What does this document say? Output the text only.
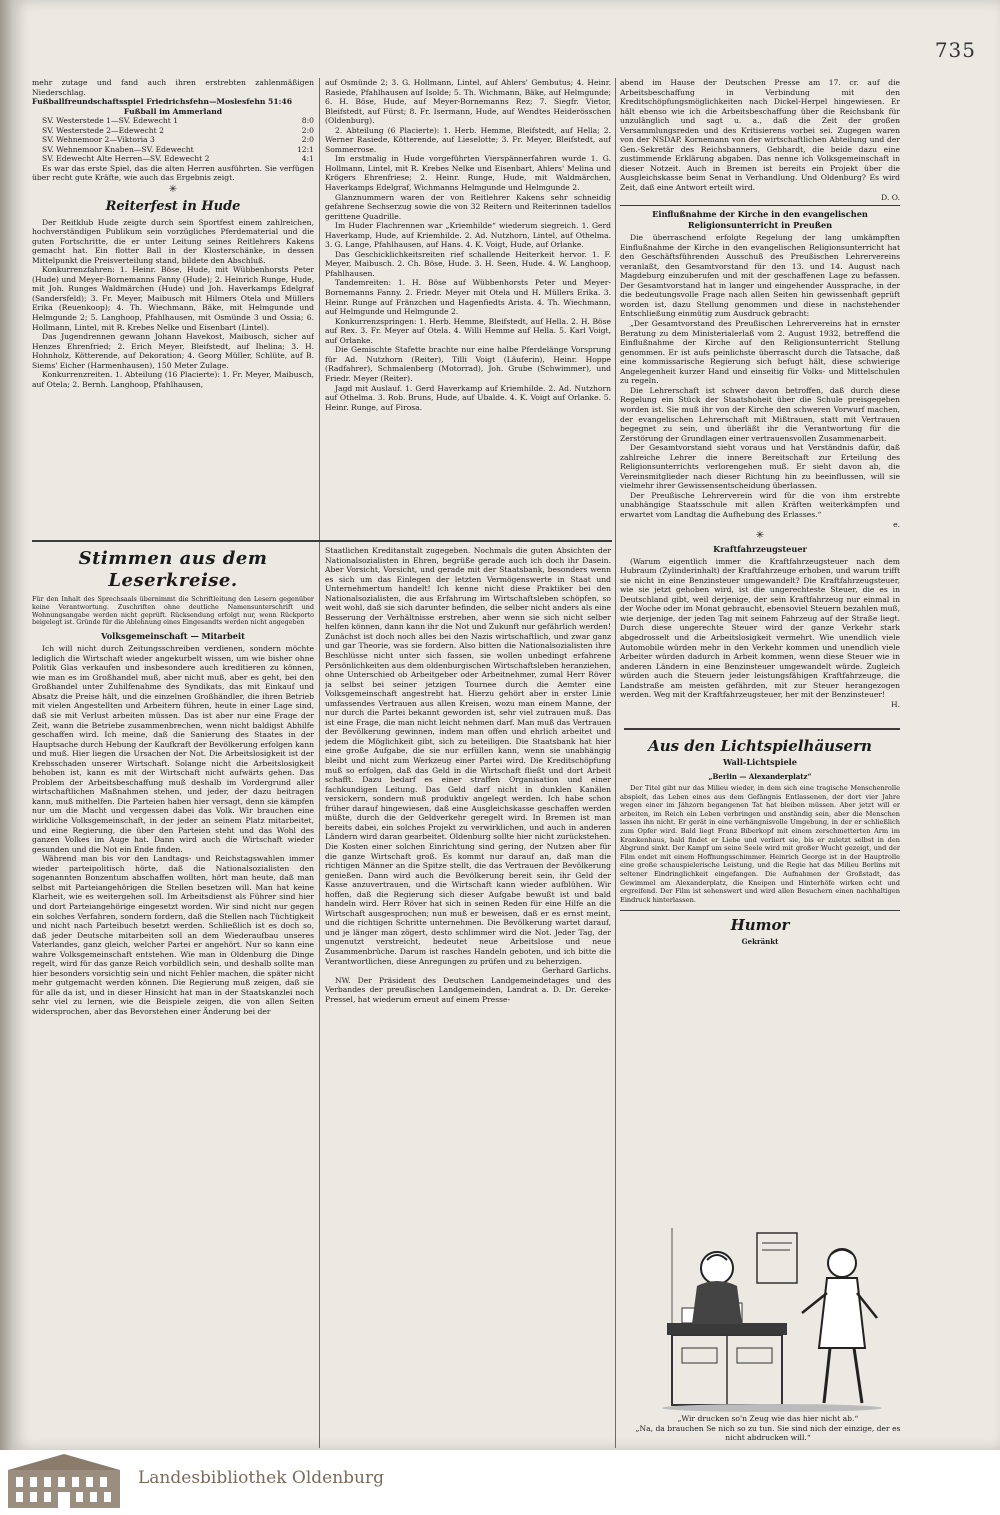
735

mehr zutage und fand auch ihren erstrebten zahlenmäßigen Niederschlag.

Fußballfreundschaftsspiel Friedrichsfehn—Moslesfehn 51:46

Fußball im Ammerland

SV. Westerstede 1—SV. Edewecht 1	8:0
SV. Westerstede 2—Edewecht 2	2:0
SV. Wehnemoor 2—Viktoria 3	2:0
SV. Wehnemoor Knaben—SV. Edewecht	12:1
SV. Edewecht Alte Herren—SV. Edewecht 2	4:1

Es war das erste Spiel, das die alten Herren ausführten. Sie verfügen über recht gute Kräfte, wie auch das Ergebnis zeigt.

✳
Reiterfest in Hude

Der Reitklub Hude zeigte durch sein Sportfest einem zahlreichen, hochverständigen Publikum sein vorzügliches Pferdematerial und die guten Fortschritte, die er unter Leitung seines Reitlehrers Kakens gemacht hat. Ein flotter Ball in der Klosterschänke, in dessen Mittelpunkt die Preisverteilung stand, bildete den Abschluß.

Konkurrenzfahren: 1. Heinr. Böse, Hude, mit Wübbenhorsts Peter (Hude) und Meyer-Bornemanns Fanny (Hude); 2. Heinrich Runge, Hude, mit Joh. Runges Waldmärchen (Hude) und Joh. Haverkamps Edelgraf (Sandersfeld); 3. Fr. Meyer, Maibusch mit Hilmers Otela und Müllers Erika (Reuenkoop); 4. Th. Wiechmann, Bäke, mit Helmgunde und Helmgunde 2; 5. Langhoop, Pfahlhausen, mit Osmünde 3 und Ossia; 6. Hollmann, Lintel, mit R. Krebes Nelke und Eisenbart (Lintel).

Das Jugendrennen gewann Johann Havekost, Maibusch, sicher auf Henzes Ehrenfried; 2. Erich Meyer, Bleifstedt, auf Ihelina; 3. H. Hohnholz, Kötterende, auf Dekoration; 4. Georg Müller, Schlüte, auf B. Siems' Eicher (Harmenhausen), 150 Meter Zulage.

Konkurrenzreiten. 1. Abteilung (16 Placierte): 1. Fr. Meyer, Maibusch, auf Otela; 2. Bernh. Langhoop, Pfahlhausen,

auf Osmünde 2; 3. G. Hollmann, Lintel, auf Ahlers' Gembutus; 4. Heinr. Rasiede, Pfahlhausen auf Isolde; 5. Th. Wichmann, Bäke, auf Helmgunde; 6. H. Böse, Hude, auf Meyer-Bornemanns Rez; 7. Siegfr. Vietor, Bleifstedt, auf Fürst; 8. Fr. Isermann, Hude, auf Wendtes Heiderösschen (Oldenburg).

2. Abteilung (6 Placierte): 1. Herb. Hemme, Bleifstedt, auf Hella; 2. Werner Rasiede, Kötterende, auf Lieselotte; 3. Fr. Meyer, Bleifstedt, auf Sommerrose.

Im erstmalig in Hude vorgeführten Vierspännerfahren wurde 1. G. Hollmann, Lintel, mit R. Krebes Nelke und Eisenbart, Ahlers' Melina und Krögers Ehrenfriese; 2. Heinr. Runge, Hude, mit Waldmärchen, Haverkamps Edelgraf, Wichmanns Helmgunde und Helmgunde 2.

Glanznummern waren der von Reitlehrer Kakens sehr schneidig gefahrene Sechserzug sowie die von 32 Reitern und Reiterinnen tadellos gerittene Quadrille.

Im Huder Flachrennen war „Kriemhilde“ wiederum siegreich. 1. Gerd Haverkamp, Hude, auf Kriemhilde. 2. Ad. Nutzhorn, Lintel, auf Othelma. 3. G. Lange, Pfahlhausen, auf Hans. 4. K. Voigt, Hude, auf Orlanke.

Das Geschicklichkeitsreiten rief schallende Heiterkeit hervor. 1. F. Meyer, Maibusch. 2. Ch. Böse, Hude. 3. H. Seen, Hude. 4. W. Langhoop, Pfahlhausen.

Tandemreiten: 1. H. Böse auf Wübbenhorsts Peter und Meyer-Bornemanns Fanny. 2. Friedr. Meyer mit Otela und H. Müllers Erika. 3. Heinr. Runge auf Fränzchen und Hagenfiedts Arista. 4. Th. Wiechmann, auf Helmgunde und Helmgunde 2.

Konkurrenzspringen: 1. Herb. Hemme, Bleifstedt, auf Hella. 2. H. Böse auf Rex. 3. Fr. Meyer auf Otela. 4. Willi Hemme auf Hella. 5. Karl Voigt, auf Orlanke.

Die Gemischte Stafette brachte nur eine halbe Pferdelänge Vorsprung für Ad. Nutzhorn (Reiter), Tilli Voigt (Läuferin), Heinr. Hoppe (Radfahrer), Schmalenberg (Motorrad), Joh. Grube (Schwimmer), und Friedr. Meyer (Reiter).

Jagd mit Auslauf. 1. Gerd Haverkamp auf Kriemhilde. 2. Ad. Nutzhorn auf Othelma. 3. Rob. Bruns, Hude, auf Ubalde. 4. K. Voigt auf Orlanke. 5. Heinr. Runge, auf Firosa.

Stimmen aus dem Leserkreise.

Für den Inhalt des Sprechsaals übernimmt die Schriftleitung den Lesern gegenüber keine Verantwortung. Zuschriften ohne deutliche Namensunterschrift und Wohnungsangabe werden nicht geprüft. Rücksendung erfolgt nur, wenn Rückporto beigelegt ist. Gründe für die Ablehnung eines Eingesandts werden nicht angegeben

Volksgemeinschaft — Mitarbeit

Ich will nicht durch Zeitungsschreiben verdienen, sondern möchte lediglich die Wirtschaft wieder angekurbelt wissen, um wie bisher ohne Politik Glas verkaufen und insbesondere auch kreditieren zu können, wie man es im Großhandel muß, aber nicht muß, aber es geht, bei den Großhandel unter Zuhilfenahme des Syndikats, das mit Einkauf und Absatz die Preise hält, und die einzelnen Großhändler, die ihren Betrieb mit vielen Angestellten und Arbeitern führen, heute in einer Lage sind, daß sie mit Verlust arbeiten müssen. Das ist aber nur eine Frage der Zeit, wann die Betriebe zusammenbrechen, wenn nicht baldigst Abhilfe geschaffen wird. Ich meine, daß die Sanierung des Staates in der Hauptsache durch Hebung der Kaufkraft der Bevölkerung erfolgen kann und muß. Hier liegen die Ursachen der Not. Die Arbeitslosigkeit ist der Krebsschaden unserer Wirtschaft. Solange nicht die Arbeitslosigkeit behoben ist, kann es mit der Wirtschaft nicht aufwärts gehen. Das Problem der Arbeitsbeschaffung muß deshalb im Vordergrund aller wirtschaftlichen Maßnahmen stehen, und jeder, der dazu beitragen kann, muß mithelfen. Die Parteien haben hier versagt, denn sie kämpfen nur um die Macht und vergessen dabei das Volk. Wir brauchen eine wirkliche Volksgemeinschaft, in der jeder an seinem Platz mitarbeitet, und eine Regierung, die über den Parteien steht und das Wohl des ganzen Volkes im Auge hat. Dann wird auch die Wirtschaft wieder gesunden und die Not ein Ende finden.

Während man bis vor den Landtags- und Reichstagswahlen immer wieder parteipolitisch hörte, daß die Nationalsozialisten den sogenannten Bonzentum abschaffen wollten, hört man heute, daß man selbst mit Parteiangehörigen die Stellen besetzen will. Man hat keine Klarheit, wie es weitergehen soll. Im Arbeitsdienst als Führer sind hier und dort Parteiangehörige eingesetzt worden. Wir sind nicht nur gegen ein solches Verfahren, sondern fordern, daß die Stellen nach Tüchtigkeit und nicht nach Parteibuch besetzt werden. Schließlich ist es doch so, daß jeder Deutsche mitarbeiten soll an dem Wiederaufbau unseres Vaterlandes, ganz gleich, welcher Partei er angehört. Nur so kann eine wahre Volksgemeinschaft entstehen. Wie man in Oldenburg die Dinge regelt, wird für das ganze Reich vorbildlich sein, und deshalb sollte man hier besonders vorsichtig sein und nicht Fehler machen, die später nicht mehr gutgemacht werden können. Die Regierung muß zeigen, daß sie für alle da ist, und in dieser Hinsicht hat man in der Staatskanzlei noch sehr viel zu lernen, wie die Beispiele zeigen, die von allen Seiten widersprochen, aber das Bevorstehen einer Änderung bei der

Staatlichen Kreditanstalt zugegeben. Nochmals die guten Absichten der Nationalsozialisten in Ehren, begrüße gerade auch ich doch ihr Dasein. Aber Vorsicht, Vorsicht, und gerade mit der Staatsbank, besonders wenn es sich um das Einlegen der letzten Vermögenswerte in Staat und Unternehmertum handelt! Ich kenne nicht diese Praktiker bei den Nationalsozialisten, die aus Erfahrung im Wirtschaftsleben schöpfen, so weit wohl, daß sie sich darunter befinden, die selber nicht anders als eine Besserung der Verhältnisse erstreben, aber wenn sie sich nicht selber helfen können, dann kann ihr die Not und Zukunft nur gefährlich werden! Zunächst ist doch noch alles bei den Nazis wirtschaftlich, und zwar ganz und gar Theorie, was sie fordern. Also bitten die Nationalsozialisten ihre Beschlüsse nicht unter sich fassen, sie wollen unbedingt erfahrene Persönlichkeiten aus dem oldenburgischen Wirtschaftsleben heranziehen, ohne Unterschied ob Arbeitgeber oder Arbeitnehmer, zumal Herr Röver ja selbst bei seiner jetzigen Tournee durch die Aemter eine Volksgemeinschaft angestrebt hat. Hierzu gehört aber in erster Linie umfassendes Vertrauen aus allen Kreisen, wozu man einem Manne, der nur durch die Partei bekannt geworden ist, sehr viel zutrauen muß. Das ist eine Frage, die man nicht leicht nehmen darf. Man muß das Vertrauen der Bevölkerung gewinnen, indem man offen und ehrlich arbeitet und jedem die Möglichkeit gibt, sich zu beteiligen. Die Staatsbank hat hier eine große Aufgabe, die sie nur erfüllen kann, wenn sie unabhängig bleibt und nicht zum Werkzeug einer Partei wird. Die Kreditschöpfung muß so erfolgen, daß das Geld in die Wirtschaft fließt und dort Arbeit schafft. Dazu bedarf es einer straffen Organisation und einer fachkundigen Leitung. Das Geld darf nicht in dunklen Kanälen versickern, sondern muß produktiv angelegt werden. Ich habe schon früher darauf hingewiesen, daß eine Ausgleichskasse geschaffen werden müßte, durch die der Geldverkehr geregelt wird. In Bremen ist man bereits dabei, ein solches Projekt zu verwirklichen, und auch in anderen Ländern wird daran gearbeitet. Oldenburg sollte hier nicht zurückstehen. Die Kosten einer solchen Einrichtung sind gering, der Nutzen aber für die ganze Wirtschaft groß. Es kommt nur darauf an, daß man die richtigen Männer an die Spitze stellt, die das Vertrauen der Bevölkerung genießen. Dann wird auch die Bevölkerung bereit sein, ihr Geld der Kasse anzuvertrauen, und die Wirtschaft kann wieder aufblühen. Wir hoffen, daß die Regierung sich dieser Aufgabe bewußt ist und bald handeln wird. Herr Röver hat sich in seinen Reden für eine Hilfe an die Wirtschaft ausgesprochen; nun muß er beweisen, daß er es ernst meint, und die richtigen Schritte unternehmen. Die Bevölkerung wartet darauf, und je länger man zögert, desto schlimmer wird die Not. Jeder Tag, der ungenutzt verstreicht, bedeutet neue Arbeitslose und neue Zusammenbrüche. Darum ist rasches Handeln geboten, und ich bitte die Verantwortlichen, diese Anregungen zu prüfen und zu beherzigen.

Gerhard Garlichs.

NW. Der Präsident des Deutschen Landgemeindetages und des Verbandes der preußischen Landgemeinden, Landrat a. D. Dr. Gereke-Pressel, hat wiederum erneut auf einem Presse-

abend im Hause der Deutschen Presse am 17. cr. auf die Arbeitsbeschaffung in Verbindung mit den Kreditschöpfungsmöglichkeiten nach Dickel-Herpel hingewiesen. Er hält ebenso wie ich die Arbeitsbeschaffung über die Reichsbank für unzulänglich und sagt u. a., daß die Zeit der großen Versammlungsreden und des Kritisierens vorbei sei. Zugegen waren von der NSDAP. Kornemann von der wirtschaftlichen Abteilung und der Gen.-Sekretär des Reichsbanners, Gebhardt, die beide dazu eine zustimmende Erklärung abgaben. Das nenne ich Volksgemeinschaft in dieser Notzeit. Auch in Bremen ist bereits ein Projekt über die Ausgleichskasse beim Senat in Verhandlung. Und Oldenburg? Es wird Zeit, daß eine Antwort erteilt wird.

D. O.

Einflußnahme der Kirche in den evangelischen Religionsunterricht in Preußen

Die überraschend erfolgte Regelung der lang umkämpften Einflußnahme der Kirche in den evangelischen Religionsunterricht hat den Geschäftsführenden Ausschuß des Preußischen Lehrervereins veranlaßt, den Gesamtvorstand für den 13. und 14. August nach Magdeburg einzuberufen und mit der geschaffenen Lage zu befassen. Der Gesamtvorstand hat in langer und eingehender Aussprache, in der die bedeutungsvolle Frage nach allen Seiten hin gewissenhaft geprüft worden ist, dazu Stellung genommen und diese in nachstehender Entschließung einmütig zum Ausdruck gebracht:

„Der Gesamtvorstand des Preußischen Lehrervereins hat in ernster Beratung zu dem Ministerialerlaß vom 2. August 1932, betreffend die Einflußnahme der Kirche auf den Religionsunterricht Stellung genommen. Er ist aufs peinlichste überrascht durch die Tatsache, daß eine kommissarische Regierung sich befugt hält, diese schwierige Angelegenheit kurzer Hand und einseitig für Volks- und Mittelschulen zu regeln.

Die Lehrerschaft ist schwer davon betroffen, daß durch diese Regelung ein Stück der Staatshoheit über die Schule preisgegeben worden ist. Sie muß ihr von der Kirche den schweren Vorwurf machen, der evangelischen Lehrerschaft mit Mißtrauen, statt mit Vertrauen begegnet zu sein, und überläßt ihr die Verantwortung für die Zerstörung der Grundlagen einer vertrauensvollen Zusammenarbeit.

Der Gesamtvorstand sieht voraus und hat Verständnis dafür, daß zahlreiche Lehrer die innere Bereitschaft zur Erteilung des Religionsunterrichts verlorengehen muß. Er sieht davon ab, die Vereinsmitglieder nach dieser Richtung hin zu beeinflussen, will sie vielmehr ihrer Gewissensentscheidung überlassen.

Der Preußische Lehrerverein wird für die von ihm erstrebte unabhängige Staatsschule mit allen Kräften weiterkämpfen und erwartet vom Landtag die Aufhebung des Erlasses.“

e.

✳
Kraftfahrzeugsteuer

(Warum eigentlich immer die Kraftfahrzeugsteuer nach dem Hubraum (Zylinderinhalt) der Kraftfahrzeuge erhoben, und warum trifft sie nicht in eine Benzinsteuer umgewandelt? Die Kraftfahrzeugsteuer, wie sie jetzt gehoben wird, ist die ungerechteste Steuer, die es in Deutschland gibt, weil derjenige, der sein Kraftfahrzeug nur einmal in der Woche oder im Monat gebraucht, ebensoviel Steuern bezahlen muß, wie derjenige, der jeden Tag mit seinem Fahrzeug auf der Straße liegt. Durch diese ungerechte Steuer wird der ganze Verkehr stark abgedrosselt und die Arbeitslosigkeit vermehrt. Wie unendlich viele Automobile würden mehr in den Verkehr kommen und unendlich viele Arbeiter würden dadurch in Arbeit kommen, wenn diese Steuer wie in anderen Ländern in eine Benzinsteuer umgewandelt würde. Zugleich würden auch die Steuern jeder leistungsfähigen Kraftfahrzeuge, die Landstraße am meisten gefährden, mit zur Steuer herangezogen werden. Weg mit der Kraftfahrzeugsteuer, her mit der Benzinsteuer!

H.

Aus den Lichtspielhäusern
Wall-Lichtspiele
„Berlin — Alexanderplatz“

Der Titel gibt nur das Milieu wieder, in dem sich eine tragische Menschenrolle abspielt, das Leben eines aus dem Gefängnis Entlassenen, der dort vier Jahre wegen einer im Jähzorn begangenen Tat hat bleiben müssen. Aber jetzt will er arbeiten, im Reich ein Leben verbringen und anständig sein, aber die Menschen lassen ihn nicht. Er gerät in eine verhängnisvolle Umgebung, in der er schließlich zum Opfer wird. Bald liegt Franz Biberkopf mit einem zerschmetterten Arm im Krankenhaus, bald findet er Liebe und verliert sie, bis er zuletzt selbst in den Abgrund sinkt. Der Kampf um seine Seele wird mit großer Wucht gezeigt, und der Film endet mit einem Hoffnungsschimmer. Heinrich George ist in der Hauptrolle eine große schauspielerische Leistung, und die Regie hat das Milieu Berlins mit seltener Eindringlichkeit eingefangen. Die Aufnahmen der Großstadt, das Gewimmel am Alexanderplatz, die Kneipen und Hinterhöfe wirken echt und ergreifend. Der Film ist sehenswert und wird allen Besuchern einen nachhaltigen Eindruck hinterlassen.

Humor
Gekränkt
„Wir drucken so'n Zeug wie das hier nicht ab.“
„Na, da brauchen Se nich so zu tun. Sie sind nich der einzige, der es nicht abdrucken will.“
Landesbibliothek Oldenburg
